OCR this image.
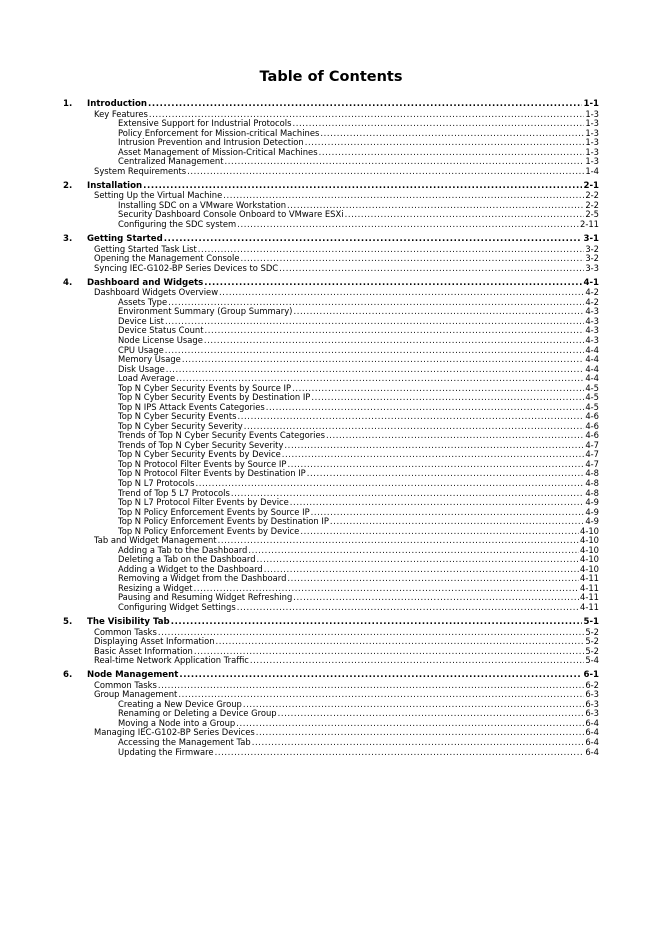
Table of Contents
1.	Introduction .....	1-1
Key Features .....	1-3
Extensive Support for Industrial Protocols .....	1-3
Policy Enforcement for Mission-critical Machines .....	1-3
Intrusion Prevention and Intrusion Detection .....	1-3
Asset Management of Mission-Critical Machines .....	1-3
Centralized Management .....	1-3
System Requirements .....	1-4
2.	Installation .....	2-1
Setting Up the Virtual Machine .....	2-2
Installing SDC on a VMware Workstation .....	2-2
Security Dashboard Console Onboard to VMware ESXi .....	2-5
Configuring the SDC system .....	2-11
3.	Getting Started .....	3-1
Getting Started Task List .....	3-2
Opening the Management Console .....	3-2
Syncing IEC-G102-BP Series Devices to SDC .....	3-3
4.	Dashboard and Widgets .....	4-1
Dashboard Widgets Overview .....	4-2
Assets Type .....	4-2
Environment Summary (Group Summary) .....	4-3
Device List .....	4-3
Device Status Count .....	4-3
Node License Usage .....	4-3
CPU Usage .....	4-4
Memory Usage .....	4-4
Disk Usage .....	4-4
Load Average .....	4-4
Top N Cyber Security Events by Source IP .....	4-5
Top N Cyber Security Events by Destination IP .....	4-5
Top N IPS Attack Events Categories .....	4-5
Top N Cyber Security Events .....	4-6
Top N Cyber Security Severity .....	4-6
Trends of Top N Cyber Security Events Categories .....	4-6
Trends of Top N Cyber Security Severity .....	4-7
Top N Cyber Security Events by Device .....	4-7
Top N Protocol Filter Events by Source IP .....	4-7
Top N Protocol Filter Events by Destination IP .....	4-8
Top N L7 Protocols .....	4-8
Trend of Top 5 L7 Protocols .....	4-8
Top N L7 Protocol Filter Events by Device .....	4-9
Top N Policy Enforcement Events by Source IP .....	4-9
Top N Policy Enforcement Events by Destination IP .....	4-9
Top N Policy Enforcement Events by Device .....	4-10
Tab and Widget Management .....	4-10
Adding a Tab to the Dashboard .....	4-10
Deleting a Tab on the Dashboard .....	4-10
Adding a Widget to the Dashboard .....	4-10
Removing a Widget from the Dashboard .....	4-11
Resizing a Widget .....	4-11
Pausing and Resuming Widget Refreshing .....	4-11
Configuring Widget Settings .....	4-11
5.	The Visibility Tab .....	5-1
Common Tasks .....	5-2
Displaying Asset Information .....	5-2
Basic Asset Information .....	5-2
Real-time Network Application Traffic .....	5-4
6.	Node Management .....	6-1
Common Tasks .....	6-2
Group Management .....	6-3
Creating a New Device Group .....	6-3
Renaming or Deleting a Device Group .....	6-3
Moving a Node into a Group .....	6-4
Managing IEC-G102-BP Series Devices .....	6-4
Accessing the Management Tab .....	6-4
Updating the Firmware .....	6-4
